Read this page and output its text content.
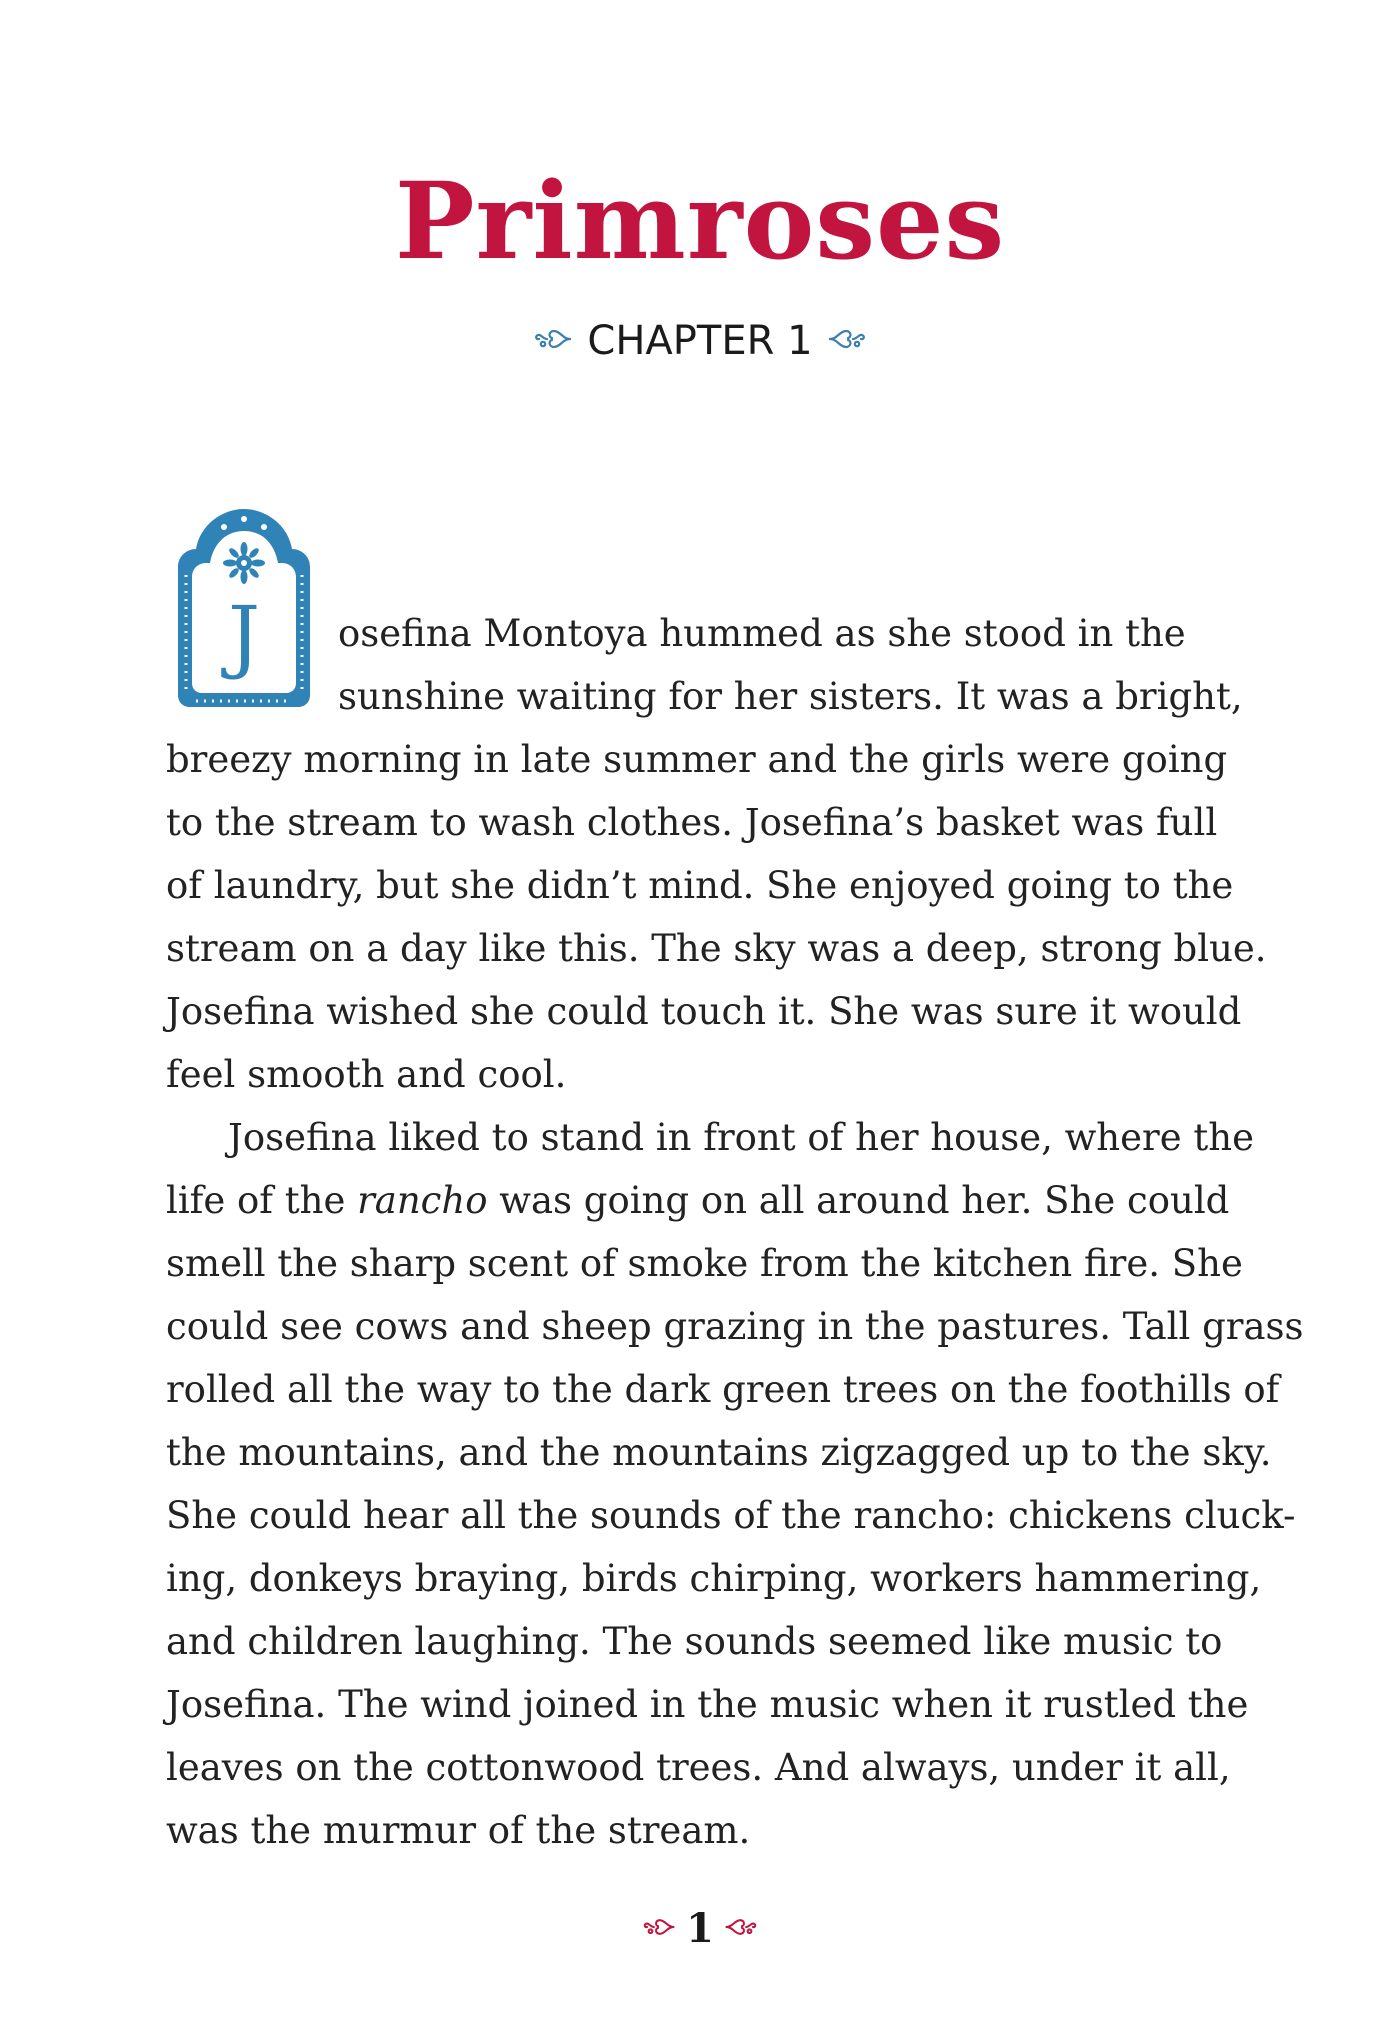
Primroses
CHAPTER 1
J	osefina Montoya hummed as she stood in the
sunshine waiting for her sisters. It was a bright,
breezy morning in late summer and the girls were going
to the stream to wash clothes. Josefina’s basket was full
of laundry, but she didn’t mind. She enjoyed going to the
stream on a day like this. The sky was a deep, strong blue.
Josefina wished she could touch it. She was sure it would
feel smooth and cool.
Josefina liked to stand in front of her house, where the
life of the rancho was going on all around her. She could
smell the sharp scent of smoke from the kitchen fire. She
could see cows and sheep grazing in the pastures. Tall grass
rolled all the way to the dark green trees on the foothills of
the mountains, and the mountains zigzagged up to the sky.
She could hear all the sounds of the rancho: chickens cluck-
ing, donkeys braying, birds chirping, workers hammering,
and children laughing. The sounds seemed like music to
Josefina. The wind joined in the music when it rustled the
leaves on the cottonwood trees. And always, under it all,
was the murmur of the stream.
1
